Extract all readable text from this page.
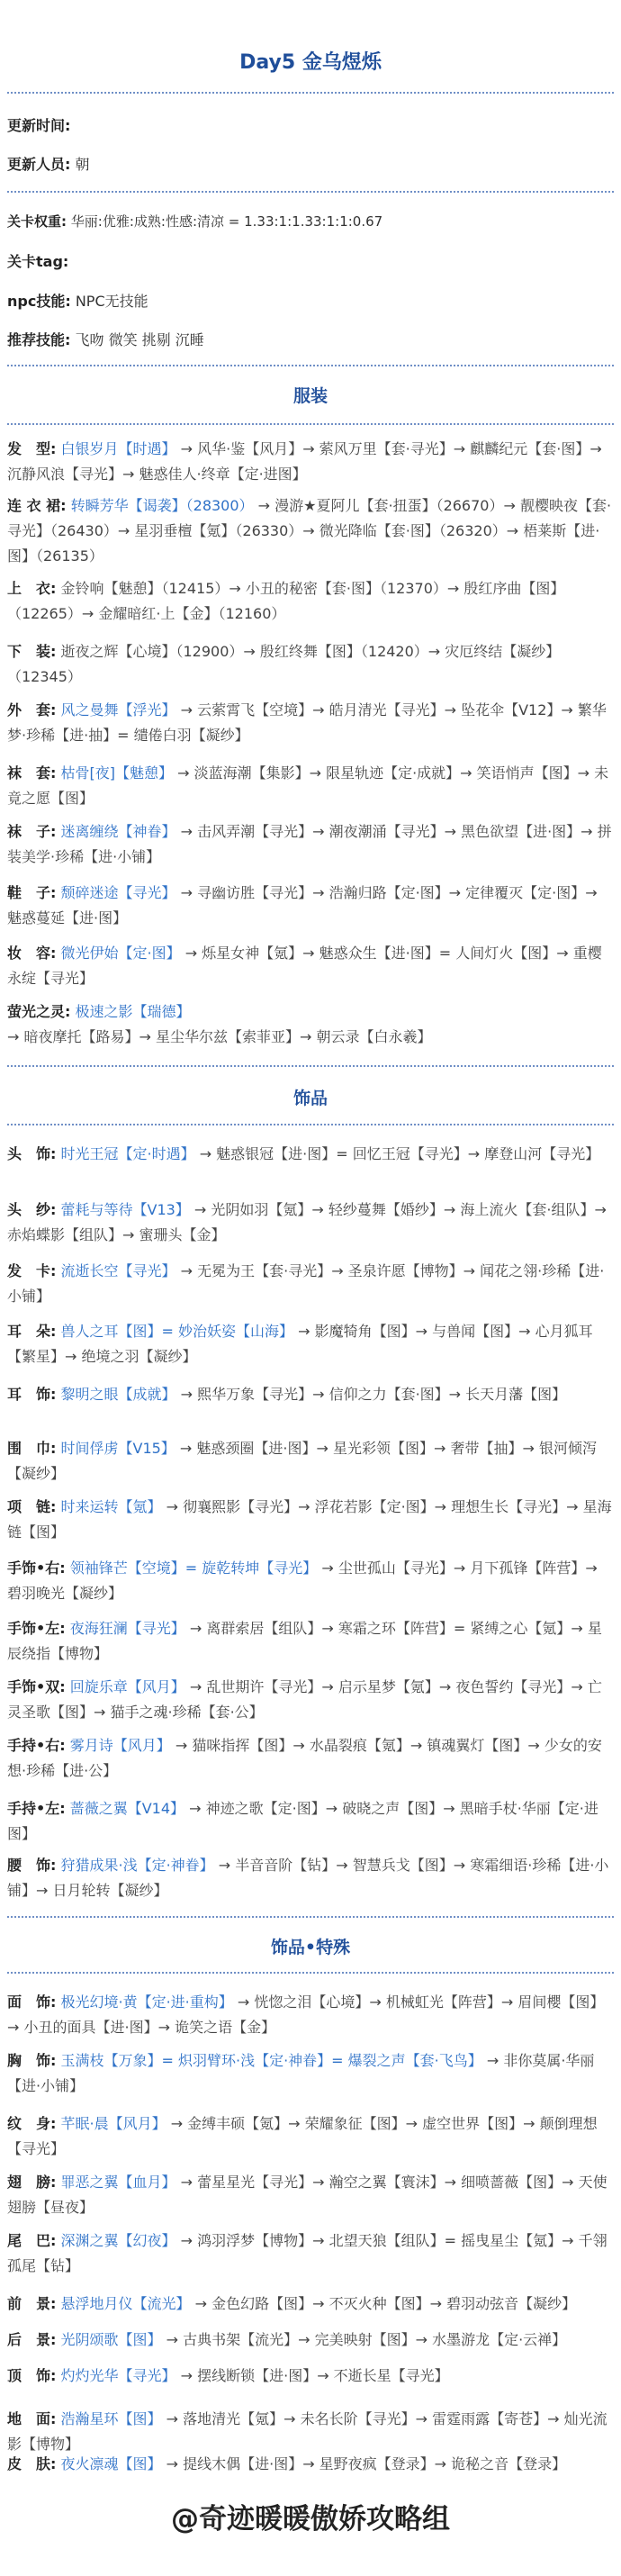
Day5 金乌煜烁
更新时间:
更新人员: 朝
关卡权重: 华丽:优雅:成熟:性感:清凉 = 1.33:1:1.33:1:1:0.67
关卡tag:
npc技能: NPC无技能
推荐技能: 飞吻 微笑 挑剔 沉睡
服装
发　型: 白银岁月【时遇】 → 风华·鉴【风月】→ 萦风万里【套·寻光】→ 麒麟纪元【套·图】→ 沉静风浪【寻光】→ 魅惑佳人·终章【定·进图】
连 衣 裙: 转瞬芳华【谒袭】（28300） → 漫游★夏阿儿【套·扭蛋】（26670）→ 靓樱映夜【套·寻光】（26430）→ 星羽垂檀【氪】（26330）→ 微光降临【套·图】（26320）→ 梧莱斯【进·图】（26135）
上　衣: 金铃响【魅憩】（12415）→ 小丑的秘密【套·图】（12370）→ 殷红序曲【图】（12265）→ 金耀暗红·上【金】（12160）
下　装: 逝夜之辉【心境】（12900）→ 殷红终舞【图】（12420）→ 灾厄终结【凝纱】（12345）
外　套: 风之曼舞【浮光】 → 云萦霄飞【空境】→ 皓月清光【寻光】→ 坠花伞【V12】→ 繁华梦·珍稀【进·抽】= 缱倦白羽【凝纱】
袜　套: 枯骨[夜]【魅憩】 → 淡蓝海潮【集影】→ 限星轨迹【定·成就】→ 笑语悄声【图】→ 未竟之愿【图】
袜　子: 迷离缠绕【神眷】 → 击风弄潮【寻光】→ 潮夜潮涌【寻光】→ 黑色欲望【进·图】→ 拼装美学·珍稀【进·小铺】
鞋　子: 颓碎迷途【寻光】 → 寻幽访胜【寻光】→ 浩瀚归路【定·图】→ 定律覆灭【定·图】→ 魅惑蔓延【进·图】
妆　容: 微光伊始【定·图】 → 烁星女神【氪】→ 魅惑众生【进·图】= 人间灯火【图】→ 重樱永绽【寻光】
萤光之灵: 极速之影【瑞德】 → 暗夜摩托【路易】→ 星尘华尔兹【索菲亚】→ 朝云录【白永羲】
饰品
头　饰: 时光王冠【定·时遇】 → 魅惑银冠【进·图】= 回忆王冠【寻光】→ 摩登山河【寻光】
头　纱: 蕾耗与等待【V13】 → 光阴如羽【氪】→ 轻纱蔓舞【婚纱】→ 海上流火【套·组队】→ 赤焰蝶影【组队】→ 蜜珊头【金】
发　卡: 流逝长空【寻光】 → 无冕为王【套·寻光】→ 圣泉许愿【博物】→ 闻花之翎·珍稀【进·小铺】
耳　朵: 兽人之耳【图】= 妙治妖姿【山海】 → 影魔犄角【图】→ 与兽闻【图】→ 心月狐耳【繁星】→ 绝境之羽【凝纱】
耳　饰: 黎明之眼【成就】 → 熙华万象【寻光】→ 信仰之力【套·图】→ 长天月藩【图】
围　巾: 时间俘虏【V15】 → 魅惑颈圈【进·图】→ 星光彩领【图】→ 奢带【抽】→ 银河倾泻【凝纱】
项　链: 时来运转【氪】 → 彻襄熙影【寻光】→ 浮花若影【定·图】→ 理想生长【寻光】→ 星海链【图】
手饰•右: 领袖锋芒【空境】= 旋乾转坤【寻光】 → 尘世孤山【寻光】→ 月下孤锋【阵营】→ 碧羽晚光【凝纱】
手饰•左: 夜海狂澜【寻光】 → 离群索居【组队】→ 寒霜之环【阵营】= 紧缚之心【氪】→ 星辰绕指【博物】
手饰•双: 回旋乐章【风月】 → 乱世期许【寻光】→ 启示星梦【氪】→ 夜色誓约【寻光】→ 亡灵圣歌【图】→ 猫手之魂·珍稀【套·公】
手持•右: 雾月诗【风月】 → 猫咪指挥【图】→ 水晶裂痕【氪】→ 镇魂翼灯【图】→ 少女的安想·珍稀【进·公】
手持•左: 蔷薇之翼【V14】 → 神迹之歌【定·图】→ 破晓之声【图】→ 黑暗手杖·华丽【定·进图】
腰　饰: 狩猎成果·浅【定·神眷】 → 半音音阶【钻】→ 智慧兵戈【图】→ 寒霜细语·珍稀【进·小铺】→ 日月轮转【凝纱】
饰品•特殊
面　饰: 极光幻境·黄【定·进·重构】 → 恍惚之泪【心境】→ 机械虹光【阵营】→ 眉间櫻【图】→ 小丑的面具【进·图】→ 诡笑之语【金】
胸　饰: 玉满枝【万象】= 炽羽臂环·浅【定·神眷】= 爆裂之声【套·飞鸟】 → 非你莫属·华丽【进·小铺】
纹　身: 芊眠·晨【风月】 → 金缚丰硕【氪】→ 荣耀象征【图】→ 虚空世界【图】→ 颠倒理想【寻光】
翅　膀: 罪恶之翼【血月】 → 蕾星星光【寻光】→ 瀚空之翼【寰沫】→ 细喷蔷薇【图】→ 天使翅膀【昼夜】
尾　巴: 深渊之翼【幻夜】 → 鸿羽浮梦【博物】→ 北望天狼【组队】= 摇曳星尘【氪】→ 千翎孤尾【钻】
前　景: 悬浮地月仪【流光】 → 金色幻路【图】→ 不灭火种【图】→ 碧羽动弦音【凝纱】
后　景: 光阴颂歌【图】 → 古典书架【流光】→ 完美映射【图】→ 水墨游龙【定·云禅】
顶　饰: 灼灼光华【寻光】 → 摆线断锁【进·图】→ 不逝长星【寻光】
地　面: 浩瀚星环【图】 → 落地清光【氪】→ 未名长阶【寻光】→ 雷霆雨露【寄苍】→ 灿光流影【博物】
皮　肤: 夜火凛魂【图】 → 提线木偶【进·图】→ 星野夜疯【登录】→ 诡秘之音【登录】
@奇迹暖暖傲娇攻略组
